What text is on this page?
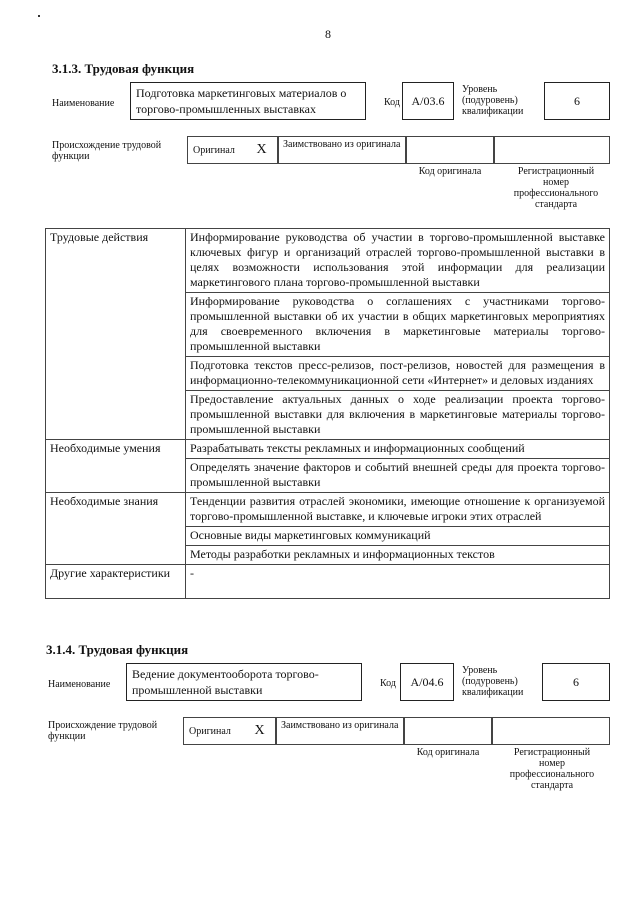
8
3.1.3. Трудовая функция
Наименование
Подготовка маркетинговых материалов о торгово-промышленных выставках	Код A/03.6
Уровень (подуровень) квалификации
6
Происхождение трудовой функции
Оригинал X	Заимствовано из оригинала
Код оригинала	Регистрационный номер профессионального стандарта
Трудовые действия	Информирование руководства об участии в торгово-промышленной выставке ключевых фигур и организаций отраслей торгово-промышленной выставки в целях возможности использования этой информации для реализации маркетингового плана торгово-промышленной выставки
	Информирование руководства о соглашениях с участниками торгово-промышленной выставки об их участии в общих маркетинговых мероприятиях для своевременного включения в маркетинговые материалы торгово-промышленной выставки
	Подготовка текстов пресс-релизов, пост-релизов, новостей для размещения в информационно-телекоммуникационной сети «Интернет» и деловых изданиях
	Предоставление актуальных данных о ходе реализации проекта торгово-промышленной выставки для включения в маркетинговые материалы торгово-промышленной выставки
Необходимые умения	Разрабатывать тексты рекламных и информационных сообщений
	Определять значение факторов и событий внешней среды для проекта торгово-промышленной выставки
Необходимые знания	Тенденции развития отраслей экономики, имеющие отношение к организуемой торгово-промышленной выставке, и ключевые игроки этих отраслей
	Основные виды маркетинговых коммуникаций
	Методы разработки рекламных и информационных текстов
Другие характеристики	-
3.1.4. Трудовая функция
Наименование
Ведение документооборота торгово-промышленной выставки	Код A/04.6
Уровень (подуровень) квалификации
6
Происхождение трудовой функции	Оригинал X	Заимствовано из оригинала
Код оригинала	Регистрационный номер профессионального стандарта
